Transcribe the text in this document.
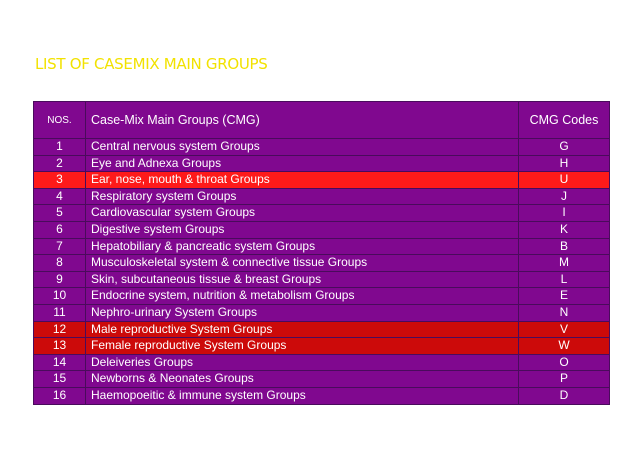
LIST OF CASEMIX MAIN GROUPS
NOS.	Case-Mix Main Groups (CMG)	CMG Codes
1	Central nervous system Groups	G
2	Eye and Adnexa Groups	H
3	Ear, nose, mouth & throat Groups	U
4	Respiratory system Groups	J
5	Cardiovascular system Groups	I
6	Digestive system Groups	K
7	Hepatobiliary & pancreatic system Groups	B
8	Musculoskeletal system & connective tissue Groups	M
9	Skin, subcutaneous tissue & breast Groups	L
10	Endocrine system, nutrition & metabolism Groups	E
11	Nephro-urinary System Groups	N
12	Male reproductive System Groups	V
13	Female reproductive System Groups	W
14	Deleiveries Groups	O
15	Newborns & Neonates Groups	P
16	Haemopoeitic & immune system Groups	D
